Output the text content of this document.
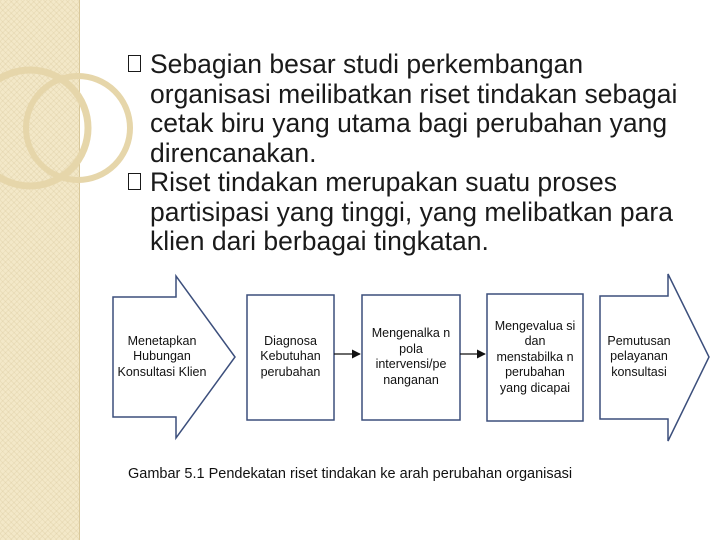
Sebagian besar studi perkembangan organisasi meilibatkan riset tindakan sebagai cetak biru yang utama bagi perubahan yang direncanakan.

Riset tindakan merupakan suatu proses partisipasi yang tinggi, yang melibatkan para klien dari berbagai tingkatan.

Menetapkan Hubungan Konsultasi Klien
Diagnosa Kebutuhan perubahan
Mengenalka n pola intervensi/pe nanganan
Mengevalua si dan menstabilka n perubahan yang dicapai
Pemutusan pelayanan konsultasi
Gambar 5.1 Pendekatan riset tindakan ke arah perubahan organisasi
